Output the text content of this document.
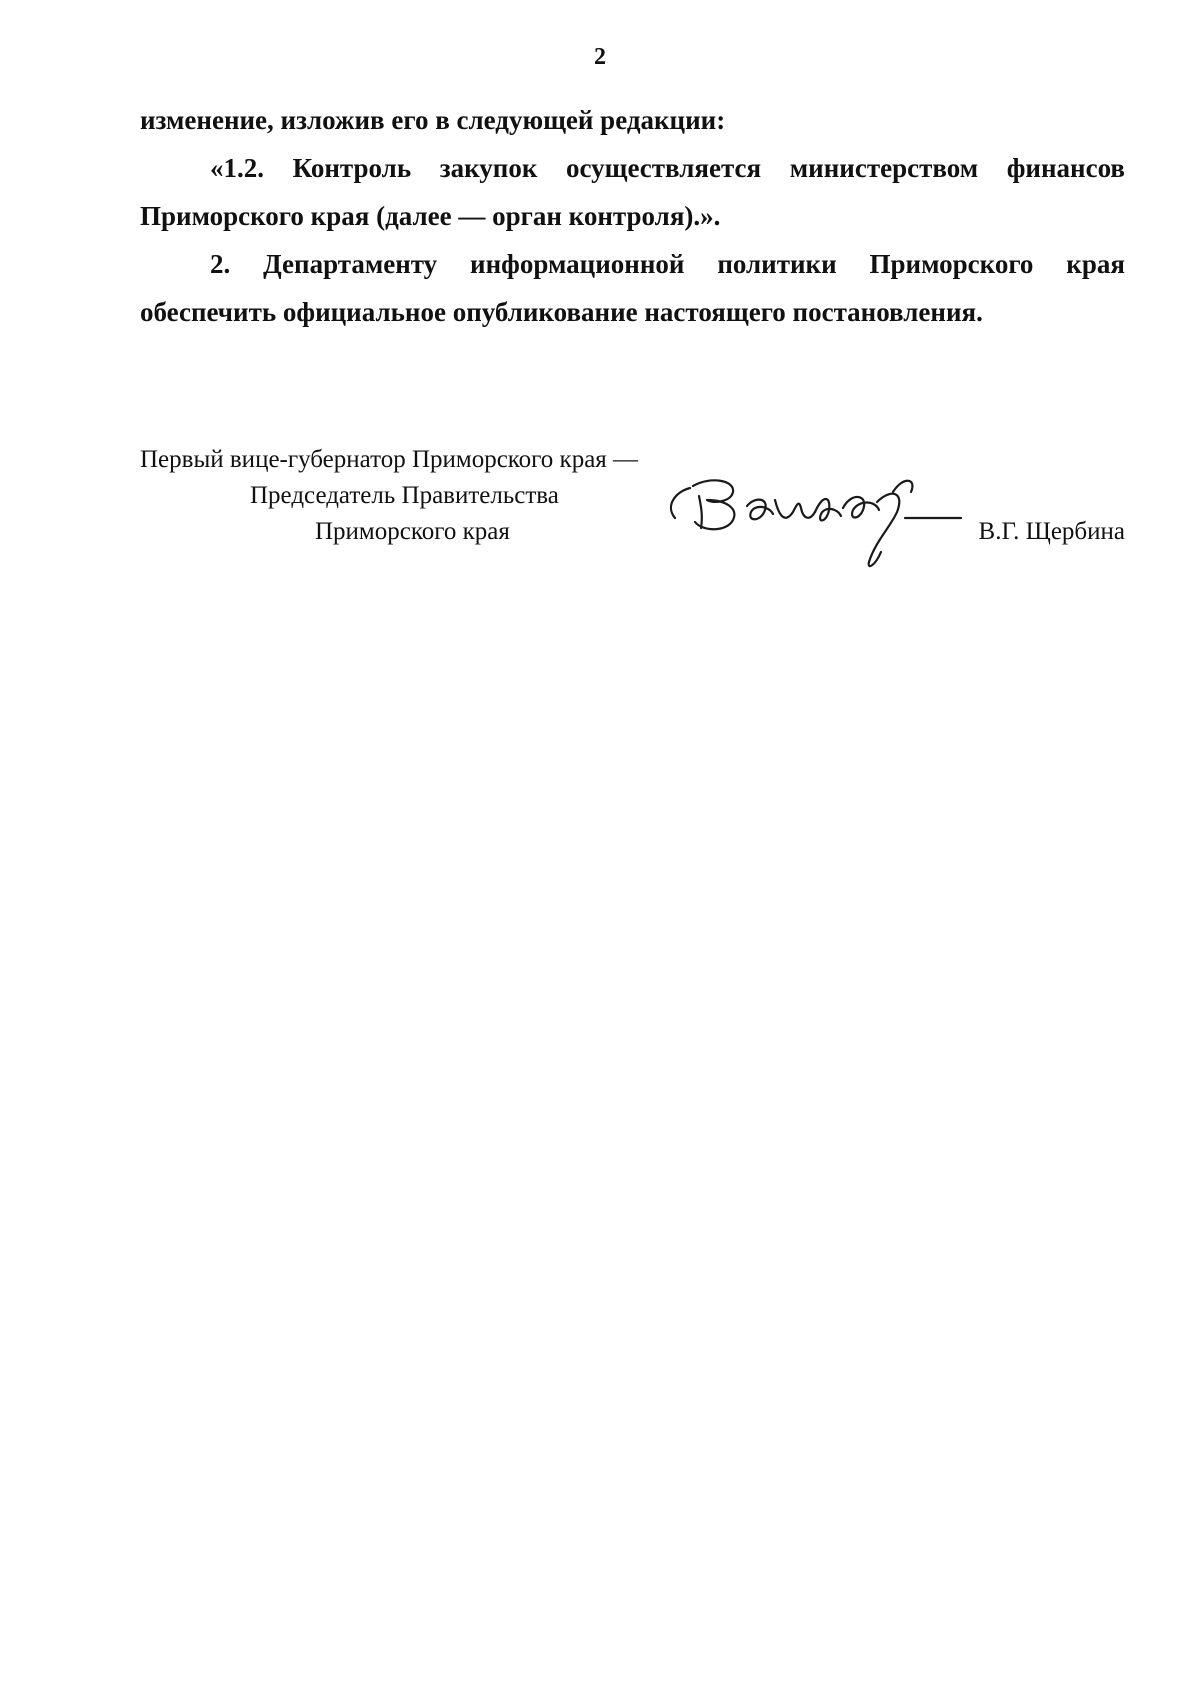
2
изменение, изложив его в следующей редакции:
«1.2. Контроль закупок осуществляется министерством финансов
Приморского края (далее — орган контроля).».
2. Департаменту информационной политики Приморского края
обеспечить официальное опубликование настоящего постановления.
Первый вице-губернатор Приморского края —
Председатель Правительства
Приморского края	В.Г. Щербина
